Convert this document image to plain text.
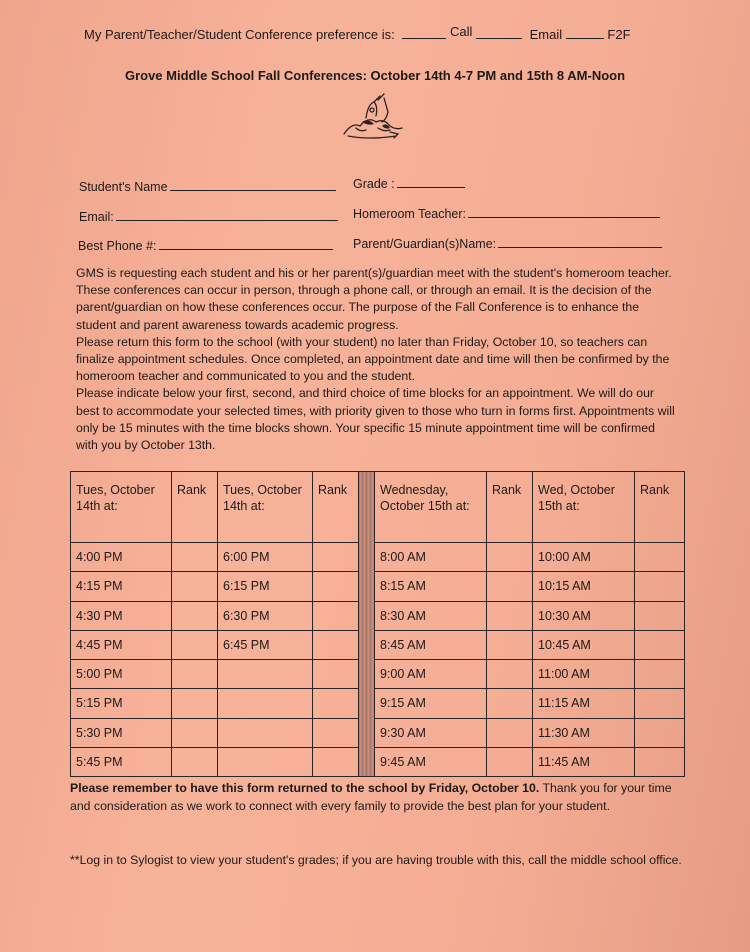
My Parent/Teacher/Student Conference preference is:	Call	Email	F2F
Grove Middle School Fall Conferences: October 14th 4-7 PM and 15th 8 AM-Noon
Student's Name	Grade :
Email:	Homeroom Teacher:
Best Phone #:	Parent/Guardian(s)Name:

GMS is requesting each student and his or her parent(s)/guardian meet with the student's homeroom teacher. These conferences can occur in person, through a phone call, or through an email. It is the decision of the parent/guardian on how these conferences occur. The purpose of the Fall Conference is to enhance the student and parent awareness towards academic progress.

Please return this form to the school (with your student) no later than Friday, October 10, so teachers can finalize appointment schedules. Once completed, an appointment date and time will then be confirmed by the homeroom teacher and communicated to you and the student.

Please indicate below your first, second, and third choice of time blocks for an appointment. We will do our best to accommodate your selected times, with priority given to those who turn in forms first. Appointments will only be 15 minutes with the time blocks shown. Your specific 15 minute appointment time will be confirmed with you by October 13th.

Tues, October 14th at:	Rank	Tues, October 14th at:	Rank		Wednesday, October 15th at:	Rank	Wed, October 15th at:	Rank
4:00 PM		6:00 PM			8:00 AM		10:00 AM	
4:15 PM		6:15 PM			8:15 AM		10:15 AM	
4:30 PM		6:30 PM			8:30 AM		10:30 AM	
4:45 PM		6:45 PM			8:45 AM		10:45 AM	
5:00 PM					9:00 AM		11:00 AM	
5:15 PM					9:15 AM		11:15 AM	
5:30 PM					9:30 AM		11:30 AM	
5:45 PM					9:45 AM		11:45 AM	
Please remember to have this form returned to the school by Friday, October 10. Thank you for your time and consideration as we work to connect with every family to provide the best plan for your student.
**Log in to Sylogist to view your student's grades; if you are having trouble with this, call the middle school office.
